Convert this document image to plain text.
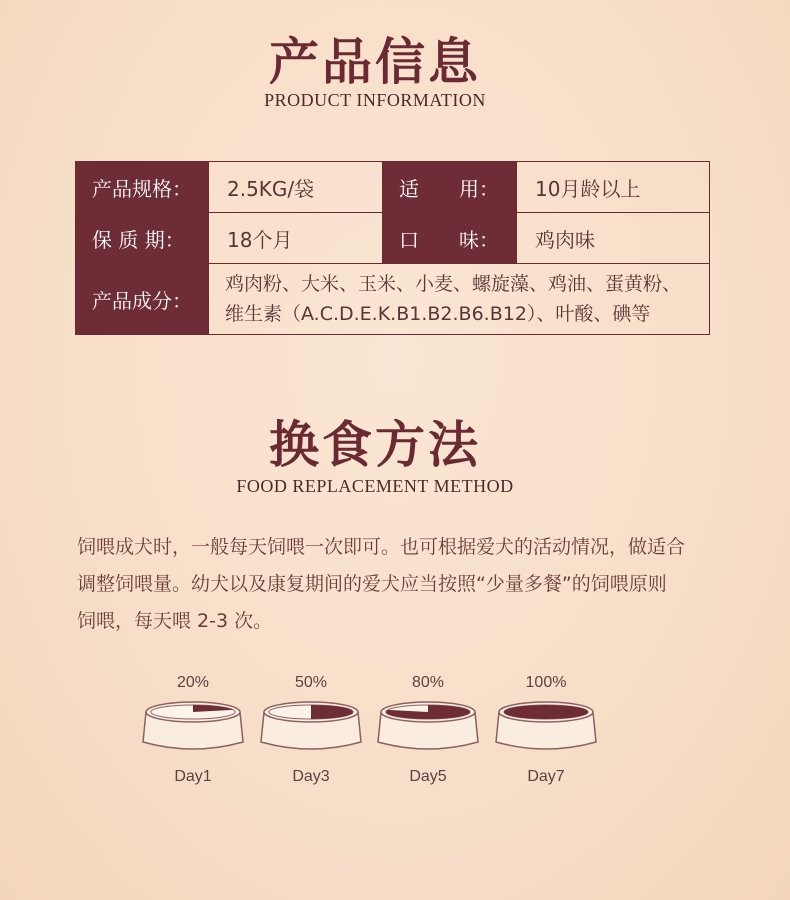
产品信息
PRODUCT INFORMATION
产品规格：	2.5KG/袋	适　　用：	10月龄以上
保 质 期：	18个月	口　　味：	鸡肉味
产品成分：	鸡肉粉、大米、玉米、小麦、螺旋藻、鸡油、蛋黄粉、
维生素（A.C.D.E.K.B1.B2.B6.B12）、叶酸、碘等		
换食方法
FOOD REPLACEMENT METHOD
饲喂成犬时，一般每天饲喂一次即可。也可根据爱犬的活动情况，做适合
调整饲喂量。幼犬以及康复期间的爱犬应当按照“少量多餐”的饲喂原则
饲喂，每天喂 2-3 次。
20%
Day1
50%
Day3
80%
Day5
100%
Day7
